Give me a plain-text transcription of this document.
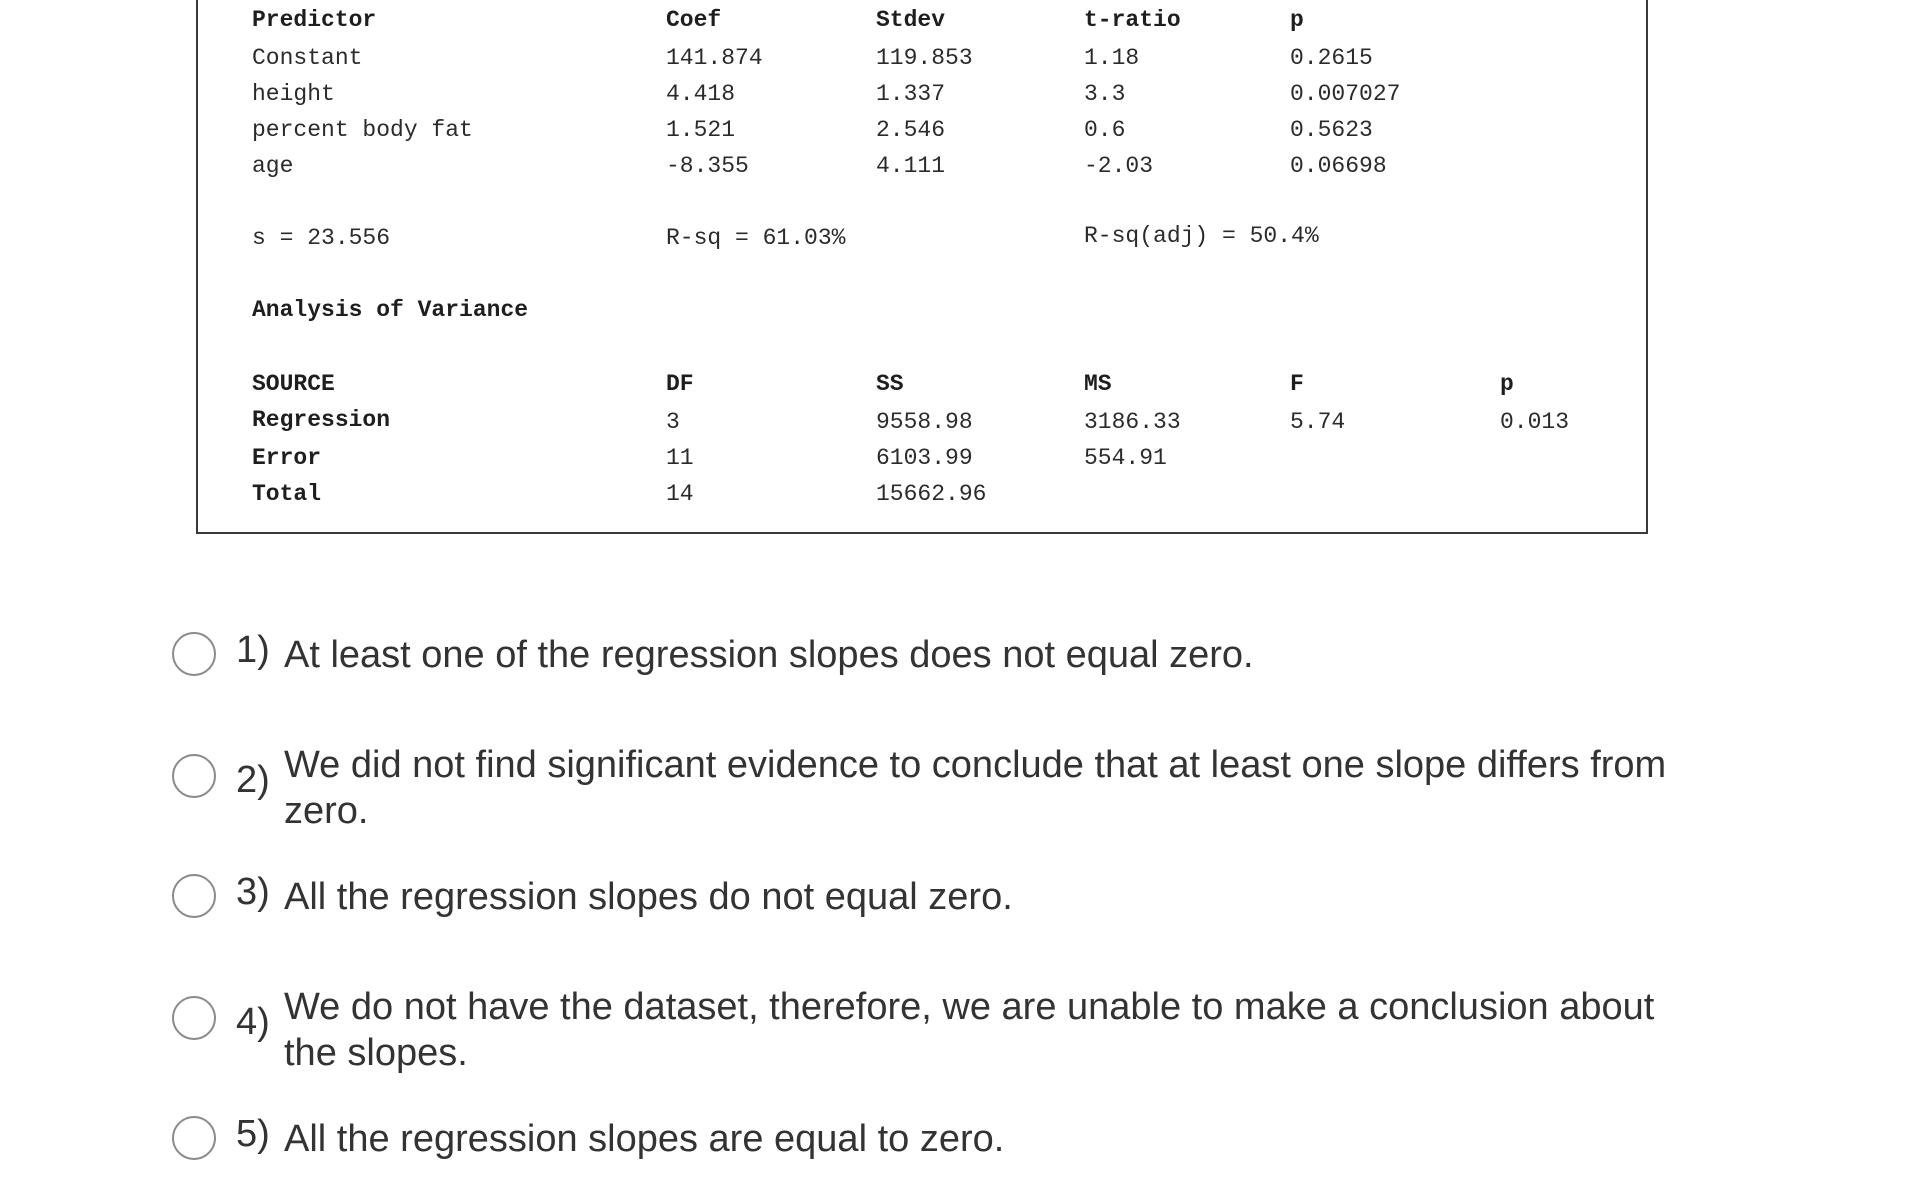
Predictor	Coef	Stdev	t-ratio	p
Constant	141.874	119.853	1.18	0.2615
height	4.418	1.337	3.3	0.007027
percent body fat	1.521	2.546	0.6	0.5623
age	-8.355	4.111	-2.03	0.06698
s = 23.556	R-sq = 61.03%	R-sq(adj) = 50.4%
Analysis of Variance
SOURCE	DF	SS	MS	F	p
Regression	3	9558.98	3186.33	5.74	0.013
Error	11	6103.99	554.91
Total	14	15662.96
1) At least one of the regression slopes does not equal zero.
2) We did not find significant evidence to conclude that at least one slope differs from zero.
3) All the regression slopes do not equal zero.
4) We do not have the dataset, therefore, we are unable to make a conclusion about the slopes.
5) All the regression slopes are equal to zero.
